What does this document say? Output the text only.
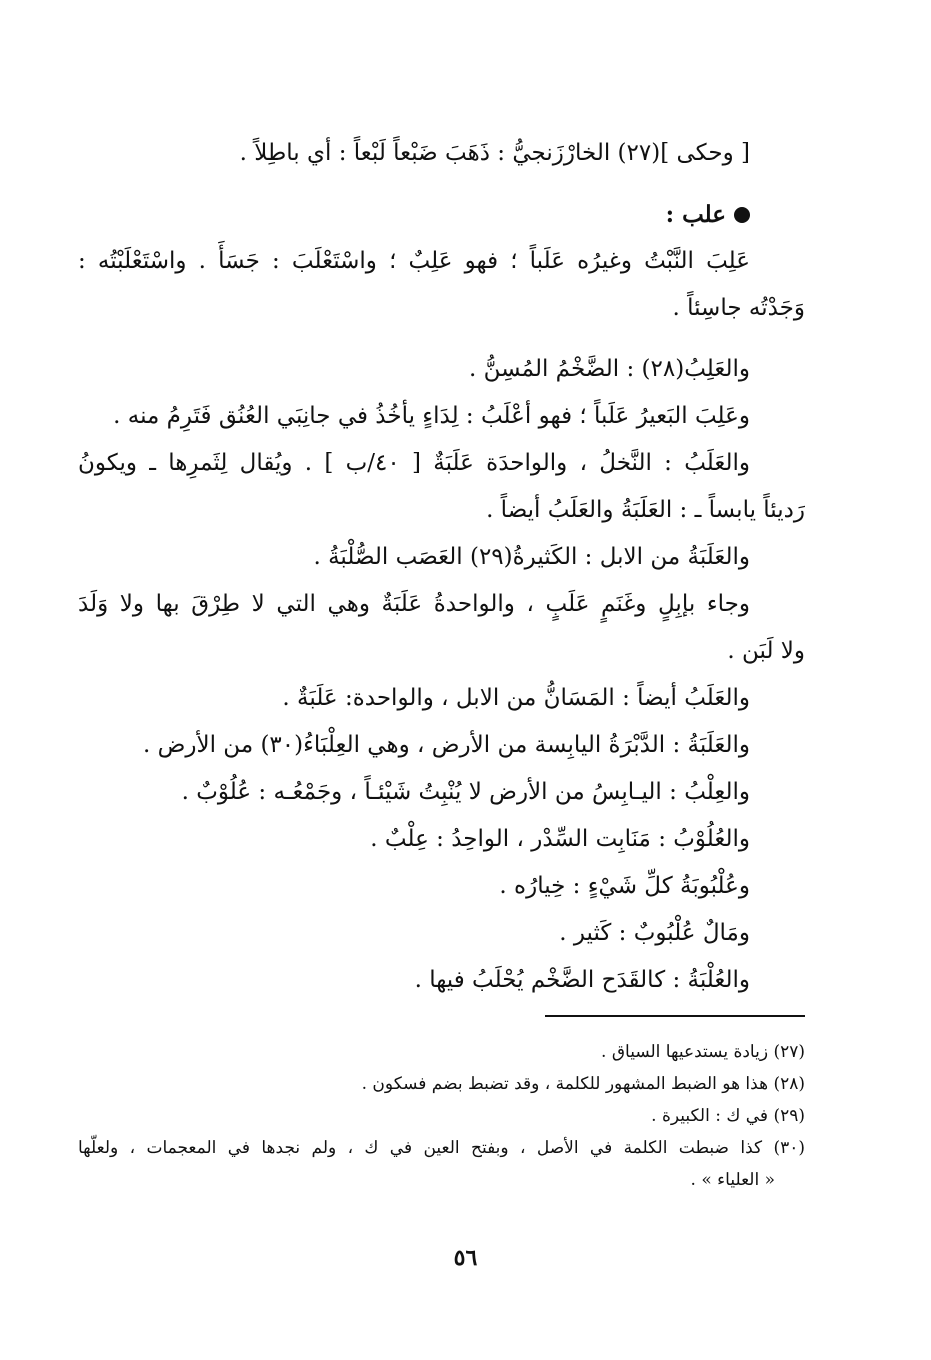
[ وحكى ](٢٧) الخارْزَنجيُّ : ذَهَبَ ضَبْعاً لَبْعاً : أي باطِلاً .
علب :
عَلِبَ النَّبْتُ وغيرُه عَلَباً ؛ فهو عَلِبٌ ؛ واسْتَعْلَبَ : جَسَأَ . واسْتَعْلَبْتُه :
وَجَدْتُه جاسِئاً .
والعَلِبُ(٢٨) : الضَّخْمُ المُسِنُّ .
وعَلِبَ البَعيرُ عَلَباً ؛ فهو أعْلَبُ : لِدَاءٍ يأخُذُ في جانِبَي العُنُق فَتَرِمُ منه .
والعَلَبُ : النَّخلُ ، والواحدَة عَلَبَةٌ [ ٤٠/ب ] . ويُقال لِثَمرِها ـ ويكونُ
رَديئاً يابساً ـ : العَلَبَةُ والعَلَبُ أيضاً .
والعَلَبَةُ من الابل : الكَثيرةُ(٢٩) العَصَب الصُّلْبَةُ .
وجاء بإبِلٍ وغَنَمٍ عَلَبٍ ، والواحدةُ عَلَبَةٌ وهي التي لا طِرْقَ بها ولا وَلَدَ
ولا لَبَن .
والعَلَبُ أيضاً : المَسَانُّ من الابل ، والواحدة: عَلَبَةٌ .
والعَلَبَةُ : الدَّبْرَةُ اليابِسة من الأرض ، وهي العِلْبَاءُ(٣٠) من الأرض .
والعِلْبُ : اليـابِسُ من الأرض لا يُنْبِتُ شَيْئـاً ، وجَمْعُـه : عُلُوْبٌ .
والعُلُوْبُ : مَنَابِت السِّدْر ، الواحِدُ : عِلْبٌ .
وعُلْبُوبَةُ كلِّ شَيْءٍ : خِيارُه .
ومَالٌ عُلْبُوبٌ : كَثير .
والعُلْبَةُ : كالقَدَح الضَّخْم يُحْلَبُ فيها .
(٢٧) زيادة يستدعيها السياق .
(٢٨) هذا هو الضبط المشهور للكلمة ، وقد تضبط بضم فسكون .
(٢٩) في ك : الكبيرة .
(٣٠) كذا ضبطت الكلمة في الأصل ، وبفتح العين في ك ، ولم نجدها في المعجمات ، ولعلّها
« العلياء » .
٥٦
